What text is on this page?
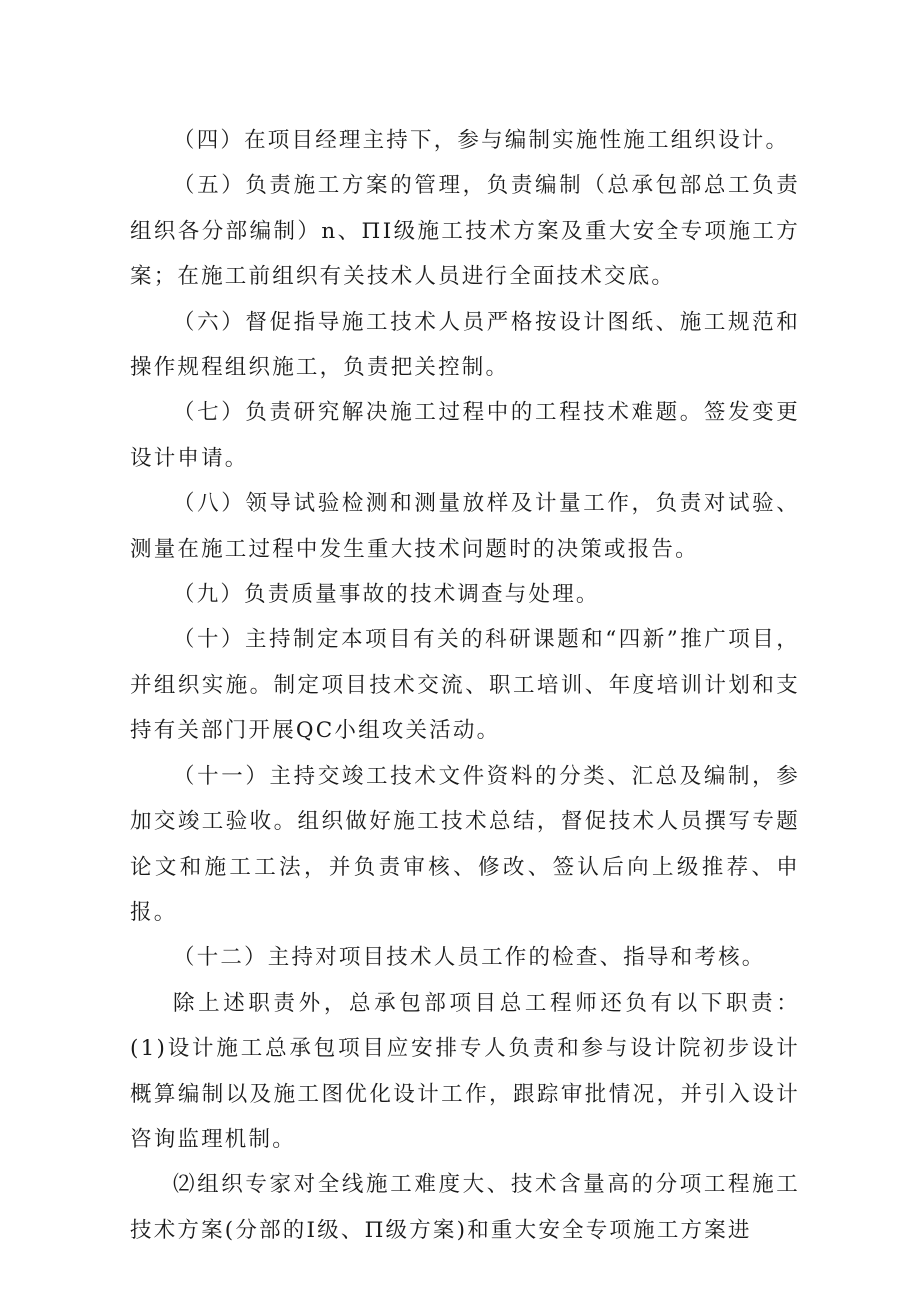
（四）在项目经理主持下，参与编制实施性施工组织设计。

（五）负责施工方案的管理，负责编制（总承包部总工负责组织各分部编制）n、ΠⅠ级施工技术方案及重大安全专项施工方案；在施工前组织有关技术人员进行全面技术交底。

（六）督促指导施工技术人员严格按设计图纸、施工规范和操作规程组织施工，负责把关控制。

（七）负责研究解决施工过程中的工程技术难题。签发变更设计申请。

（八）领导试验检测和测量放样及计量工作，负责对试验、测量在施工过程中发生重大技术问题时的决策或报告。

（九）负责质量事故的技术调查与处理。

（十）主持制定本项目有关的科研课题和“四新”推广项目，并组织实施。制定项目技术交流、职工培训、年度培训计划和支持有关部门开展QC小组攻关活动。

（十一）主持交竣工技术文件资料的分类、汇总及编制，参加交竣工验收。组织做好施工技术总结，督促技术人员撰写专题论文和施工工法，并负责审核、修改、签认后向上级推荐、申报。

（十二）主持对项目技术人员工作的检查、指导和考核。

除上述职责外，总承包部项目总工程师还负有以下职责：(1)设计施工总承包项目应安排专人负责和参与设计院初步设计概算编制以及施工图优化设计工作，跟踪审批情况，并引入设计咨询监理机制。

⑵组织专家对全线施工难度大、技术含量高的分项工程施工技术方案(分部的Ⅰ级、Π级方案)和重大安全专项施工方案进
